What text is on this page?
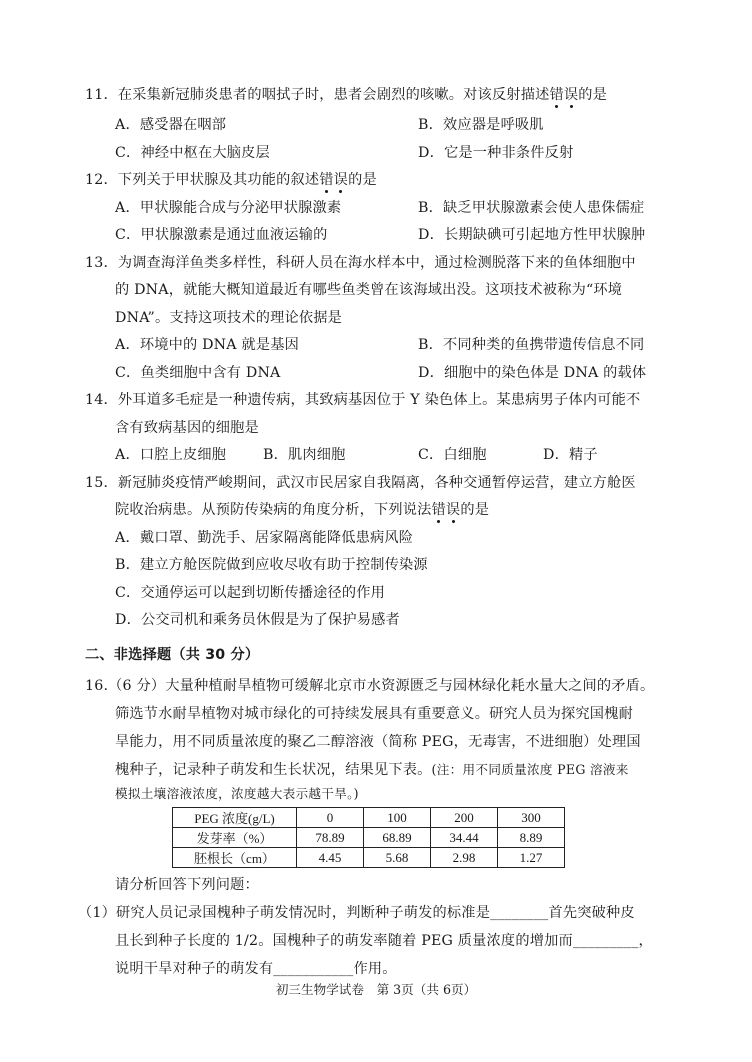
11．在采集新冠肺炎患者的咽拭子时，患者会剧烈的咳嗽。对该反射描述错误的是
A．感受器在咽部	B．效应器是呼吸肌
C．神经中枢在大脑皮层	D．它是一种非条件反射
12．下列关于甲状腺及其功能的叙述错误的是
A．甲状腺能合成与分泌甲状腺激素	B．缺乏甲状腺激素会使人患侏儒症
C．甲状腺激素是通过血液运输的	D．长期缺碘可引起地方性甲状腺肿
13．为调查海洋鱼类多样性，科研人员在海水样本中，通过检测脱落下来的鱼体细胞中
的 DNA，就能大概知道最近有哪些鱼类曾在该海域出没。这项技术被称为“环境
DNA”。支持这项技术的理论依据是
A．环境中的 DNA 就是基因	B．不同种类的鱼携带遗传信息不同
C．鱼类细胞中含有 DNA	D．细胞中的染色体是 DNA 的载体
14．外耳道多毛症是一种遗传病，其致病基因位于 Y 染色体上。某患病男子体内可能不
含有致病基因的细胞是
A．口腔上皮细胞	B．肌肉细胞	C．白细胞	D．精子
15．新冠肺炎疫情严峻期间，武汉市民居家自我隔离，各种交通暂停运营，建立方舱医
院收治病患。从预防传染病的角度分析，下列说法错误的是
A．戴口罩、勤洗手、居家隔离能降低患病风险
B．建立方舱医院做到应收尽收有助于控制传染源
C．交通停运可以起到切断传播途径的作用
D．公交司机和乘务员休假是为了保护易感者
二、非选择题（共 30 分）
16.（6 分）大量种植耐旱植物可缓解北京市水资源匮乏与园林绿化耗水量大之间的矛盾。
筛选节水耐旱植物对城市绿化的可持续发展具有重要意义。研究人员为探究国槐耐
旱能力，用不同质量浓度的聚乙二醇溶液（简称 PEG，无毒害，不进细胞）处理国
槐种子，记录种子萌发和生长状况，结果见下表。(注：用不同质量浓度 PEG 溶液来
模拟土壤溶液浓度，浓度越大表示越干旱。)
PEG 浓度(g/L)	0	100	200	300
发芽率（%）	78.89	68.89	34.44	8.89
胚根长（cm）	4.45	5.68	2.98	1.27
请分析回答下列问题：
（1）研究人员记录国槐种子萌发情况时，判断种子萌发的标准是________首先突破种皮
且长到种子长度的 1/2。国槐种子的萌发率随着 PEG 质量浓度的增加而_________，
说明干旱对种子的萌发有___________作用。
初三生物学试卷　第 3页（共 6页）
